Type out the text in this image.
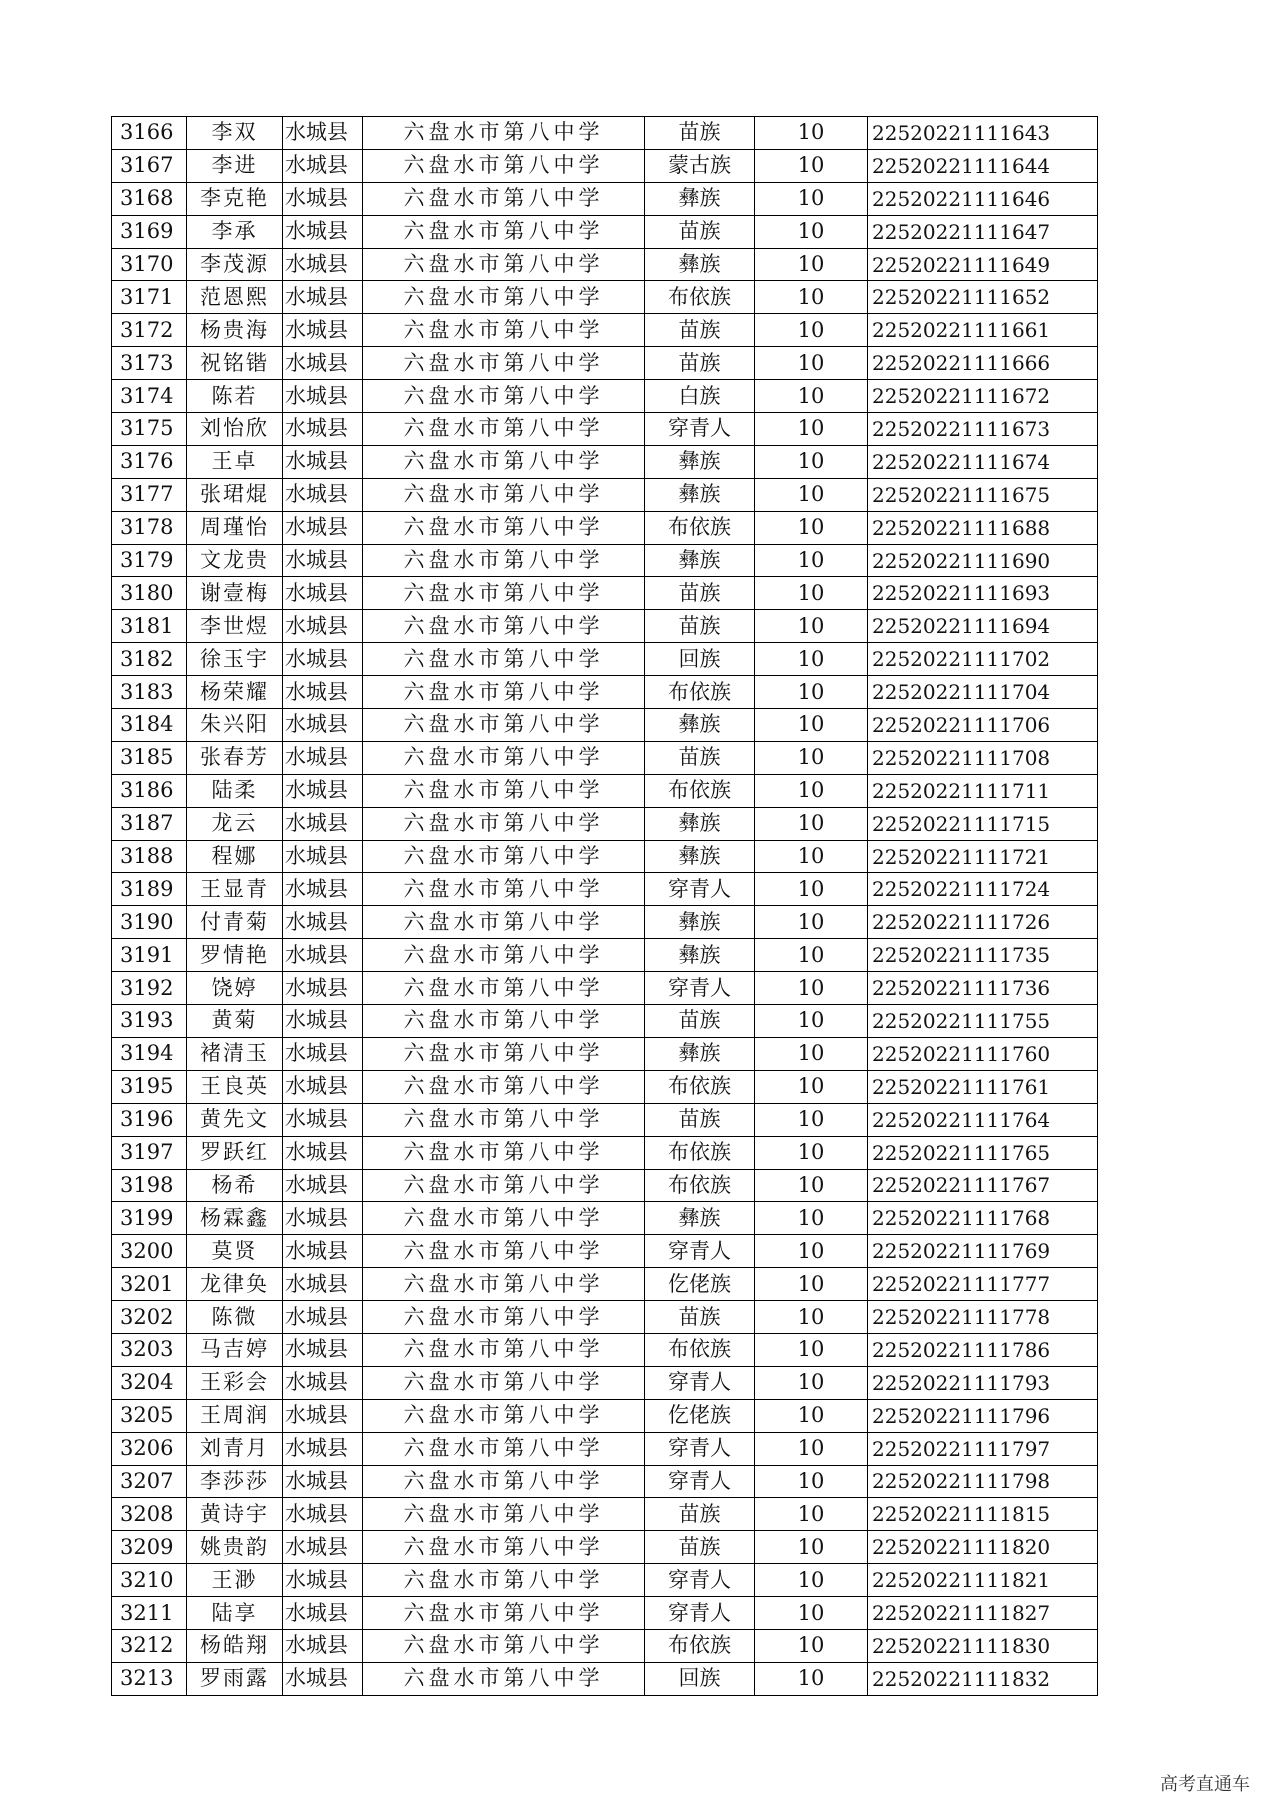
3166	李双	水城县	六盘水市第八中学	苗族	10	22520221111643
3167	李进	水城县	六盘水市第八中学	蒙古族	10	22520221111644
3168	李克艳	水城县	六盘水市第八中学	彝族	10	22520221111646
3169	李承	水城县	六盘水市第八中学	苗族	10	22520221111647
3170	李茂源	水城县	六盘水市第八中学	彝族	10	22520221111649
3171	范恩熙	水城县	六盘水市第八中学	布依族	10	22520221111652
3172	杨贵海	水城县	六盘水市第八中学	苗族	10	22520221111661
3173	祝铭锴	水城县	六盘水市第八中学	苗族	10	22520221111666
3174	陈若	水城县	六盘水市第八中学	白族	10	22520221111672
3175	刘怡欣	水城县	六盘水市第八中学	穿青人	10	22520221111673
3176	王卓	水城县	六盘水市第八中学	彝族	10	22520221111674
3177	张珺焜	水城县	六盘水市第八中学	彝族	10	22520221111675
3178	周瑾怡	水城县	六盘水市第八中学	布依族	10	22520221111688
3179	文龙贵	水城县	六盘水市第八中学	彝族	10	22520221111690
3180	谢壹梅	水城县	六盘水市第八中学	苗族	10	22520221111693
3181	李世煜	水城县	六盘水市第八中学	苗族	10	22520221111694
3182	徐玉宇	水城县	六盘水市第八中学	回族	10	22520221111702
3183	杨荣耀	水城县	六盘水市第八中学	布依族	10	22520221111704
3184	朱兴阳	水城县	六盘水市第八中学	彝族	10	22520221111706
3185	张春芳	水城县	六盘水市第八中学	苗族	10	22520221111708
3186	陆柔	水城县	六盘水市第八中学	布依族	10	22520221111711
3187	龙云	水城县	六盘水市第八中学	彝族	10	22520221111715
3188	程娜	水城县	六盘水市第八中学	彝族	10	22520221111721
3189	王显青	水城县	六盘水市第八中学	穿青人	10	22520221111724
3190	付青菊	水城县	六盘水市第八中学	彝族	10	22520221111726
3191	罗情艳	水城县	六盘水市第八中学	彝族	10	22520221111735
3192	饶婷	水城县	六盘水市第八中学	穿青人	10	22520221111736
3193	黄菊	水城县	六盘水市第八中学	苗族	10	22520221111755
3194	褚清玉	水城县	六盘水市第八中学	彝族	10	22520221111760
3195	王良英	水城县	六盘水市第八中学	布依族	10	22520221111761
3196	黄先文	水城县	六盘水市第八中学	苗族	10	22520221111764
3197	罗跃红	水城县	六盘水市第八中学	布依族	10	22520221111765
3198	杨希	水城县	六盘水市第八中学	布依族	10	22520221111767
3199	杨霖鑫	水城县	六盘水市第八中学	彝族	10	22520221111768
3200	莫贤	水城县	六盘水市第八中学	穿青人	10	22520221111769
3201	龙律奂	水城县	六盘水市第八中学	仡佬族	10	22520221111777
3202	陈微	水城县	六盘水市第八中学	苗族	10	22520221111778
3203	马吉婷	水城县	六盘水市第八中学	布依族	10	22520221111786
3204	王彩会	水城县	六盘水市第八中学	穿青人	10	22520221111793
3205	王周润	水城县	六盘水市第八中学	仡佬族	10	22520221111796
3206	刘青月	水城县	六盘水市第八中学	穿青人	10	22520221111797
3207	李莎莎	水城县	六盘水市第八中学	穿青人	10	22520221111798
3208	黄诗宇	水城县	六盘水市第八中学	苗族	10	22520221111815
3209	姚贵韵	水城县	六盘水市第八中学	苗族	10	22520221111820
3210	王渺	水城县	六盘水市第八中学	穿青人	10	22520221111821
3211	陆享	水城县	六盘水市第八中学	穿青人	10	22520221111827
3212	杨皓翔	水城县	六盘水市第八中学	布依族	10	22520221111830
3213	罗雨露	水城县	六盘水市第八中学	回族	10	22520221111832
高考直通车
